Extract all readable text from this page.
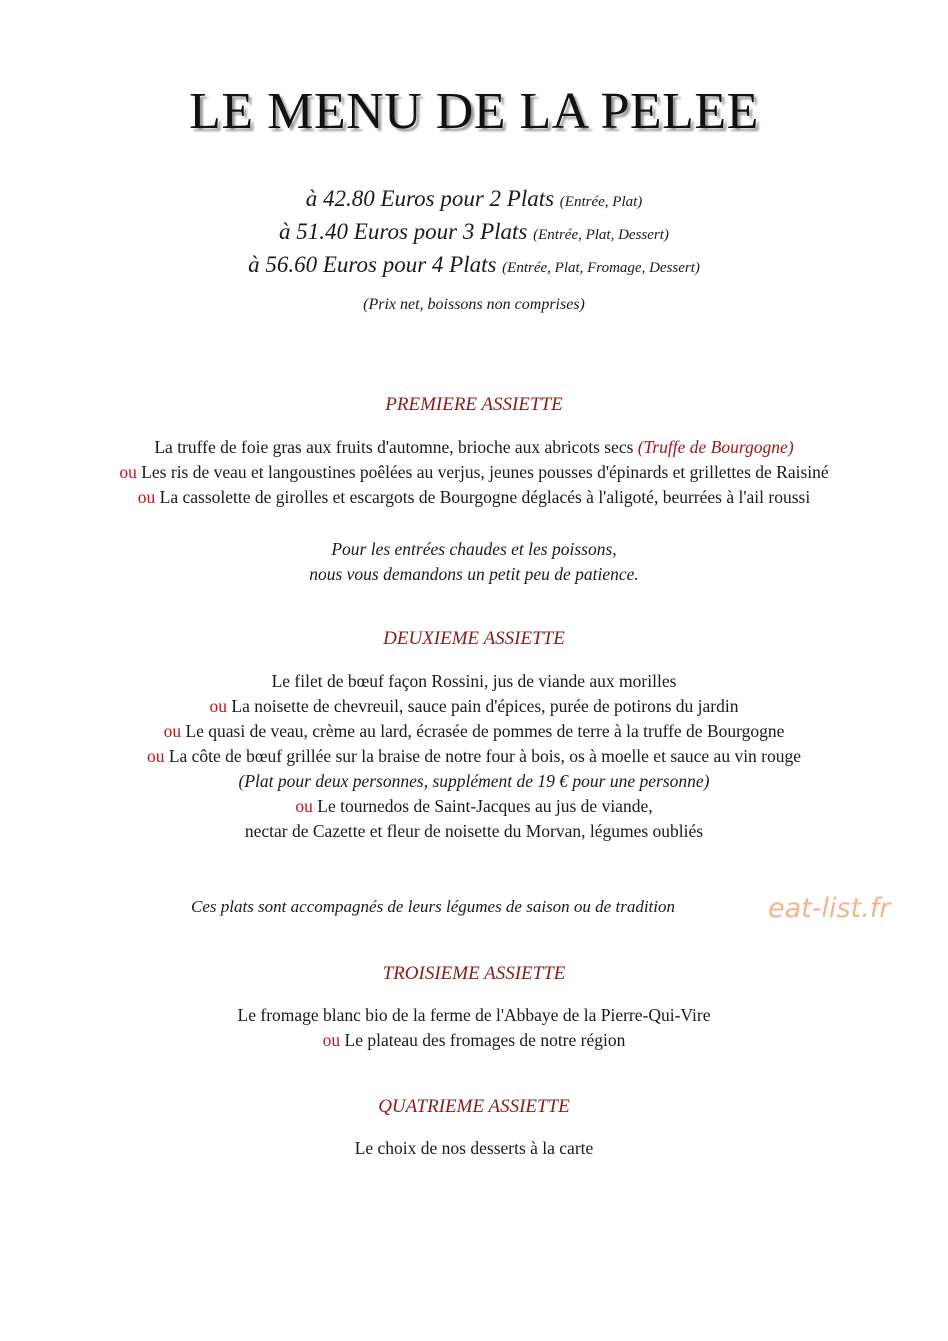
LE MENU DE LA PELEE
à 42.80 Euros pour 2 Plats (Entrée, Plat)
à 51.40 Euros pour 3 Plats (Entrée, Plat, Dessert)
à 56.60 Euros pour 4 Plats (Entrée, Plat, Fromage, Dessert)
(Prix net, boissons non comprises)
PREMIERE ASSIETTE
La truffe de foie gras aux fruits d'automne, brioche aux abricots secs (Truffe de Bourgogne)
ou Les ris de veau et langoustines poêlées au verjus, jeunes pousses d'épinards et grillettes de Raisiné
ou La cassolette de girolles et escargots de Bourgogne déglacés à l'aligoté, beurrées à l'ail roussi
Pour les entrées chaudes et les poissons,
nous vous demandons un petit peu de patience.
DEUXIEME ASSIETTE
Le filet de bœuf façon Rossini, jus de viande aux morilles
ou La noisette de chevreuil, sauce pain d'épices, purée de potirons du jardin
ou Le quasi de veau, crème au lard, écrasée de pommes de terre à la truffe de Bourgogne
ou La côte de bœuf grillée sur la braise de notre four à bois, os à moelle et sauce au vin rouge
(Plat pour deux personnes, supplément de 19 € pour une personne)
ou Le tournedos de Saint-Jacques au jus de viande,
nectar de Cazette et fleur de noisette du Morvan, légumes oubliés
Ces plats sont accompagnés de leurs légumes de saison ou de tradition	eat-list.fr
TROISIEME ASSIETTE
Le fromage blanc bio de la ferme de l'Abbaye de la Pierre-Qui-Vire
ou Le plateau des fromages de notre région
QUATRIEME ASSIETTE
Le choix de nos desserts à la carte
